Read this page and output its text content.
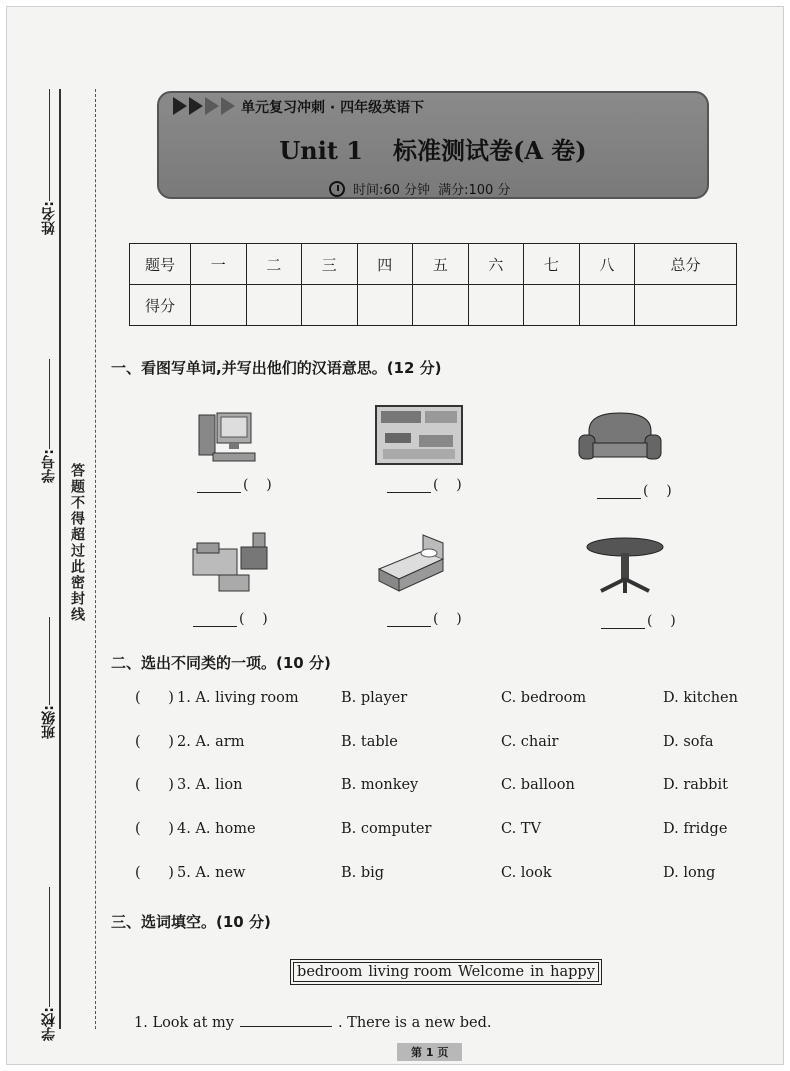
姓名:
学号:
班级:
学校:
答题不得超过此密封线
单元复习冲刺 · 四年级英语下
Unit 1 标准测试卷(A 卷)
时间:60 分钟 满分:100 分
题号	一	二	三	四	五	六	七	八	总分
得分									
一、看图写单词,并写出他们的汉语意思。(12 分)
(    )	(    )	(    )
(    )	(    )	(    )
二、选出不同类的一项。(10 分)
(      ) 1. A. living room	B. player	C. bedroom	D. kitchen
(      ) 2. A. arm	B. table	C. chair	D. sofa
(      ) 3. A. lion	B. monkey	C. balloon	D. rabbit
(      ) 4. A. home	B. computer	C. TV	D. fridge
(      ) 5. A. new	B. big	C. look	D. long
三、选词填空。(10 分)
bedroom living room Welcome in happy
1. Look at my	. There is a new bed.
第 1 页
